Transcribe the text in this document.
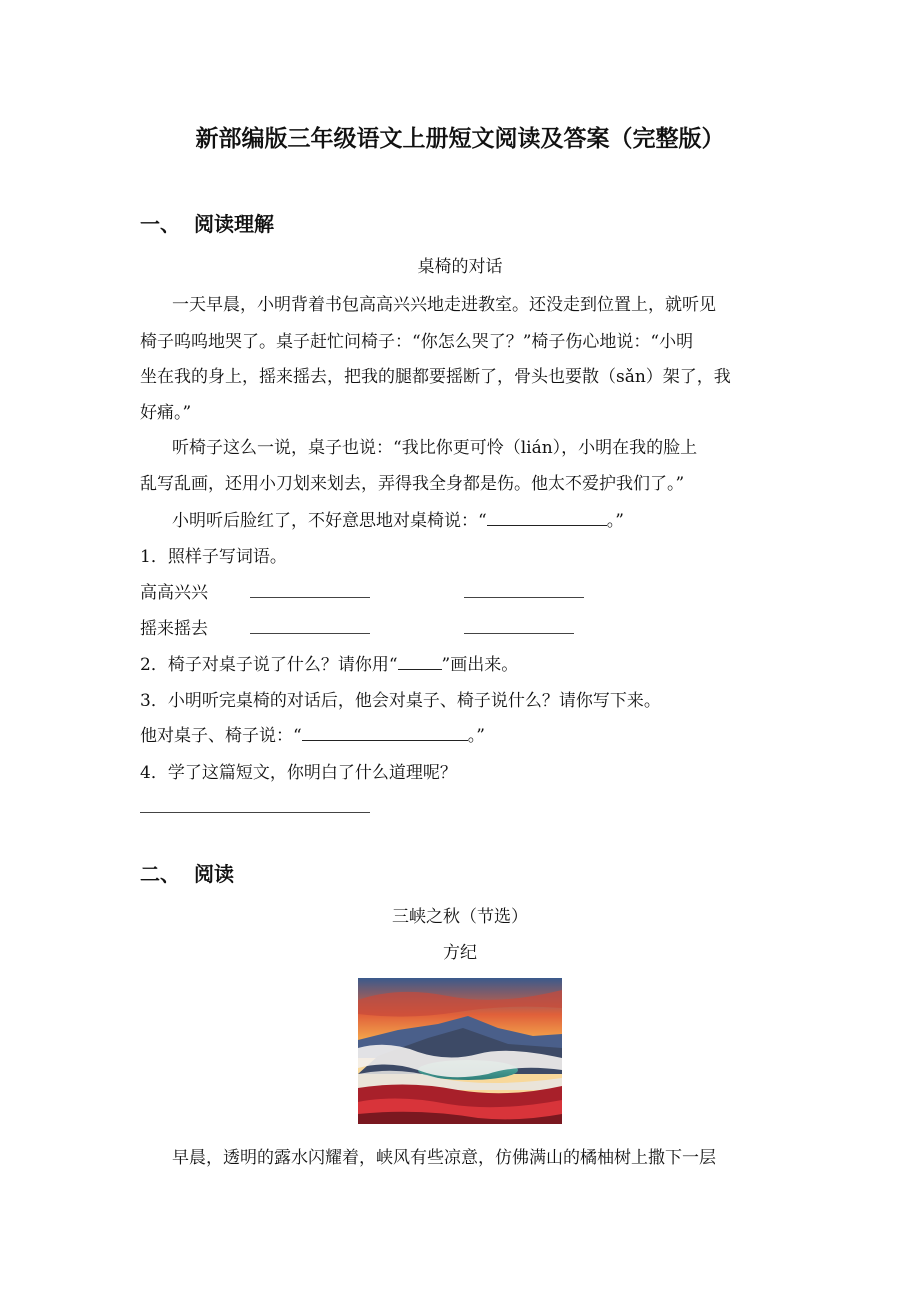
新部编版三年级语文上册短文阅读及答案（完整版）
一、 阅读理解
桌椅的对话
一天早晨，小明背着书包高高兴兴地走进教室。还没走到位置上，就听见
椅子呜呜地哭了。桌子赶忙问椅子：“你怎么哭了？”椅子伤心地说：“小明
坐在我的身上，摇来摇去，把我的腿都要摇断了，骨头也要散（sǎn）架了，我
好痛。”
听椅子这么一说，桌子也说：“我比你更可怜（lián），小明在我的脸上
乱写乱画，还用小刀划来划去，弄得我全身都是伤。他太不爱护我们了。”
小明听后脸红了，不好意思地对桌椅说：“	。”
1．照样子写词语。
高高兴兴
摇来摇去
2．椅子对桌子说了什么？请你用“	”画出来。
3．小明听完桌椅的对话后，他会对桌子、椅子说什么？请你写下来。
他对桌子、椅子说：“	。”
4．学了这篇短文，你明白了什么道理呢？
二、 阅读
三峡之秋（节选）
方纪
早晨，透明的露水闪耀着，峡风有些凉意，仿佛满山的橘柚树上撒下一层
